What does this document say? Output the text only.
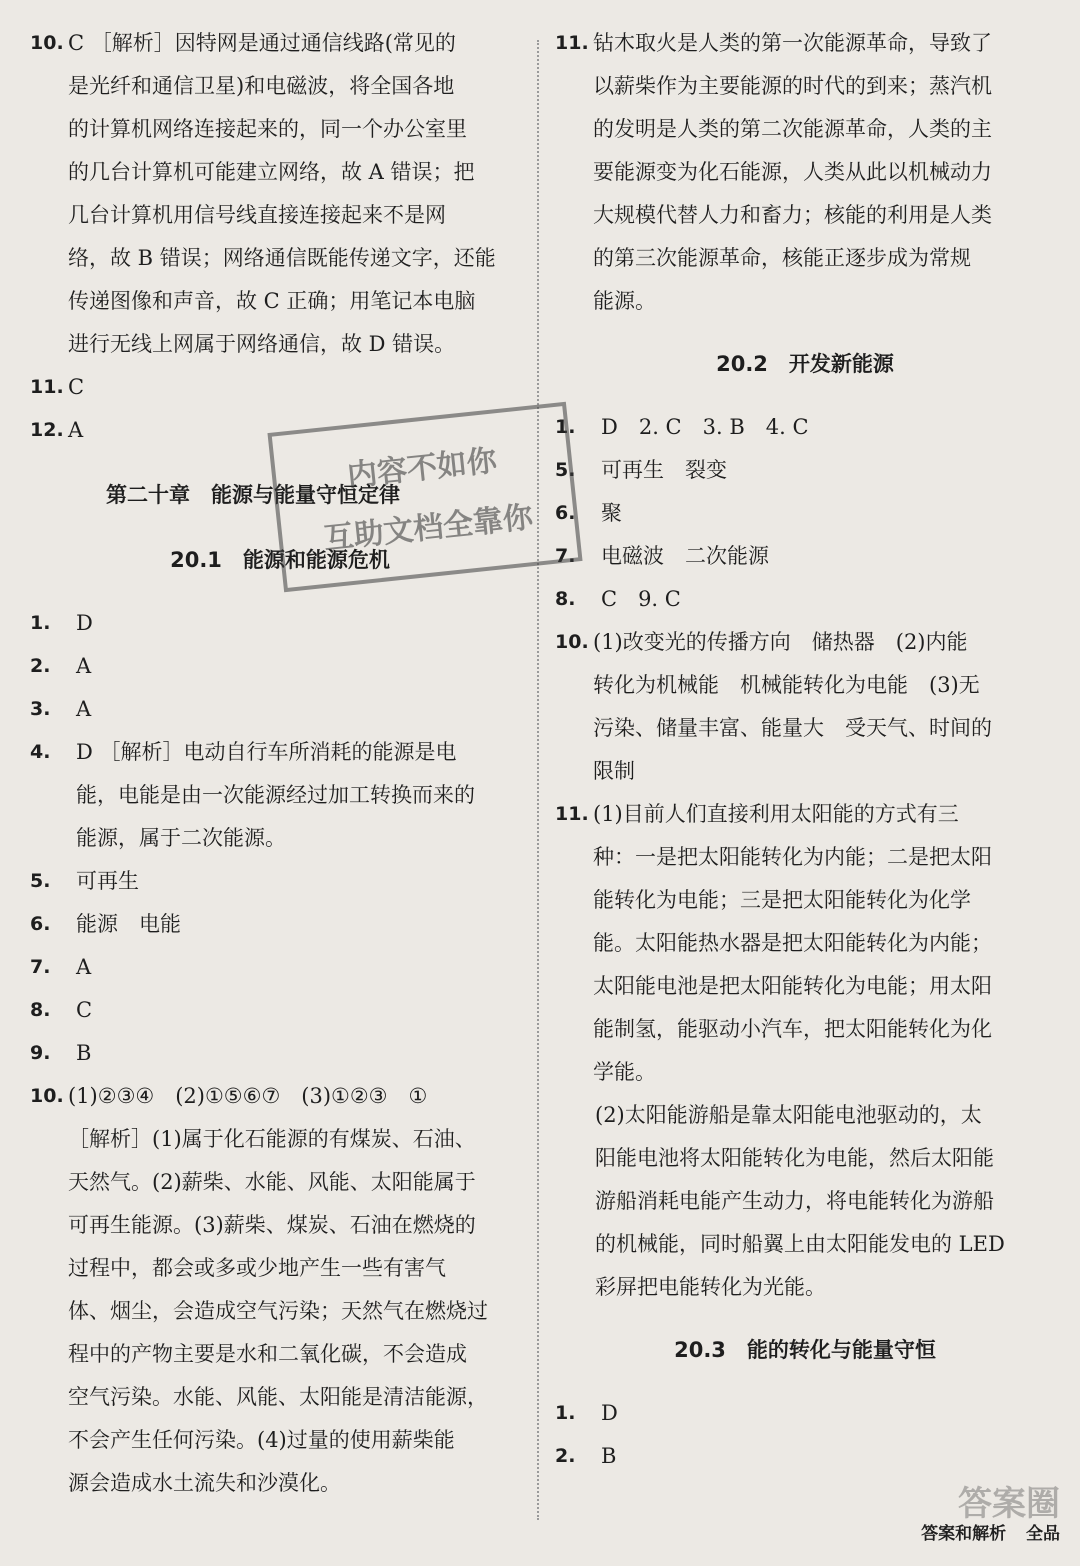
10. C ［解析］因特网是通过通信线路(常见的
是光纤和通信卫星)和电磁波，将全国各地
的计算机网络连接起来的，同一个办公室里
的几台计算机可能建立网络，故 A 错误；把
几台计算机用信号线直接连接起来不是网
络，故 B 错误；网络通信既能传递文字，还能
传递图像和声音，故 C 正确；用笔记本电脑
进行无线上网属于网络通信，故 D 错误。
11. C
12. A
第二十章　能源与能量守恒定律
20.1　能源和能源危机
1. D
2. A
3. A
4. D ［解析］电动自行车所消耗的能源是电
能，电能是由一次能源经过加工转换而来的
能源，属于二次能源。
5. 可再生
6. 能源　电能
7. A
8. C
9. B
10. (1)②③④　(2)①⑤⑥⑦　(3)①②③　①
［解析］(1)属于化石能源的有煤炭、石油、
天然气。(2)薪柴、水能、风能、太阳能属于
可再生能源。(3)薪柴、煤炭、石油在燃烧的
过程中，都会或多或少地产生一些有害气
体、烟尘，会造成空气污染；天然气在燃烧过
程中的产物主要是水和二氧化碳，不会造成
空气污染。水能、风能、太阳能是清洁能源，
不会产生任何污染。(4)过量的使用薪柴能
源会造成水土流失和沙漠化。
11. 钻木取火是人类的第一次能源革命，导致了
以薪柴作为主要能源的时代的到来；蒸汽机
的发明是人类的第二次能源革命，人类的主
要能源变为化石能源，人类从此以机械动力
大规模代替人力和畜力；核能的利用是人类
的第三次能源革命，核能正逐步成为常规
能源。
20.2　开发新能源
1. D　2. C　3. B　4. C
5. 可再生　裂变
6. 聚
7. 电磁波　二次能源
8. C　9. C
10. (1)改变光的传播方向　储热器　(2)内能
转化为机械能　机械能转化为电能　(3)无
污染、储量丰富、能量大　受天气、时间的
限制
11. (1)目前人们直接利用太阳能的方式有三
种：一是把太阳能转化为内能；二是把太阳
能转化为电能；三是把太阳能转化为化学
能。太阳能热水器是把太阳能转化为内能；
太阳能电池是把太阳能转化为电能；用太阳
能制氢，能驱动小汽车，把太阳能转化为化
学能。
(2)太阳能游船是靠太阳能电池驱动的，太
阳能电池将太阳能转化为电能，然后太阳能
游船消耗电能产生动力，将电能转化为游船
的机械能，同时船翼上由太阳能发电的 LED
彩屏把电能转化为光能。
20.3　能的转化与能量守恒
1. D
2. B
内容不如你
互助文档全靠你
答案圈
答案和解析 全品
